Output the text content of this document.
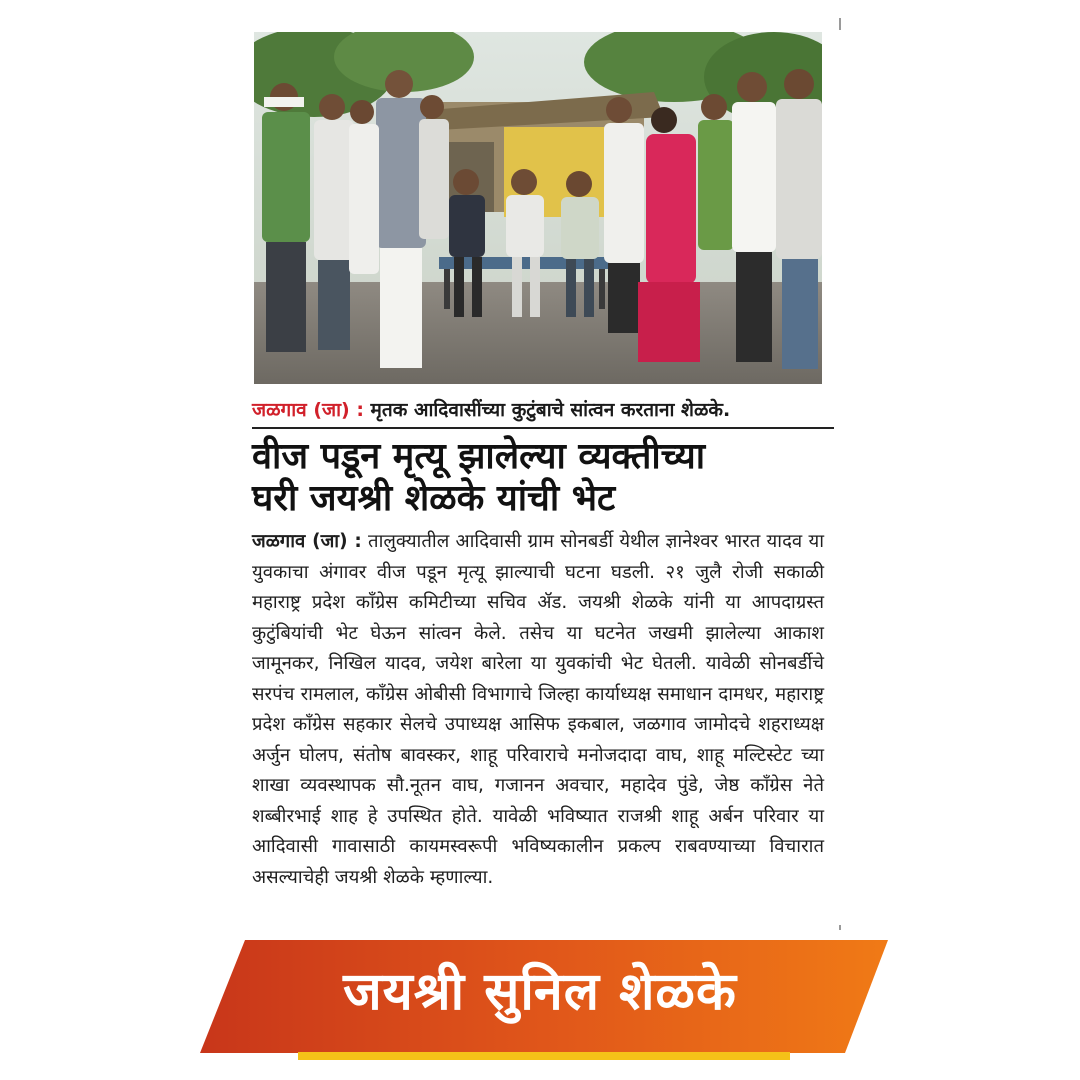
जळगाव (जा) : मृतक आदिवासींच्या कुटुंबाचे सांत्वन करताना शेळके.
वीज पडून मृत्यू झालेल्या व्यक्तीच्या
घरी जयश्री शेळके यांची भेट
जळगाव (जा) : तालुक्यातील आदिवासी ग्राम सोनबर्डी येथील ज्ञानेश्वर भारत यादव या युवकाचा अंगावर वीज पडून मृत्यू झाल्याची घटना घडली. २१ जुलै रोजी सकाळी महाराष्ट्र प्रदेश काँग्रेस कमिटीच्या सचिव ॲड. जयश्री शेळके यांनी या आपदाग्रस्त कुटुंबियांची भेट घेऊन सांत्वन केले. तसेच या घटनेत जखमी झालेल्या आकाश जामूनकर, निखिल यादव, जयेश बारेला या युवकांची भेट घेतली. यावेळी सोनबर्डीचे सरपंच रामलाल, कॉंग्रेस ओबीसी विभागाचे जिल्हा कार्याध्यक्ष समाधान दामधर, महाराष्ट्र प्रदेश काँग्रेस सहकार सेलचे उपाध्यक्ष आसिफ इकबाल, जळगाव जामोदचे शहराध्यक्ष अर्जुन घोलप, संतोष बावस्कर, शाहू परिवाराचे मनोजदादा वाघ, शाहू मल्टिस्टेट च्या शाखा व्यवस्थापक सौ.नूतन वाघ, गजानन अवचार, महादेव पुंडे, जेष्ठ कॉंग्रेस नेते शब्बीरभाई शाह हे उपस्थित होते. यावेळी भविष्यात राजश्री शाहू अर्बन परिवार या आदिवासी गावासाठी कायमस्वरूपी भविष्यकालीन प्रकल्प राबवण्याच्या विचारात असल्याचेही जयश्री शेळके म्हणाल्या.
जयश्री सुनिल शेळके
